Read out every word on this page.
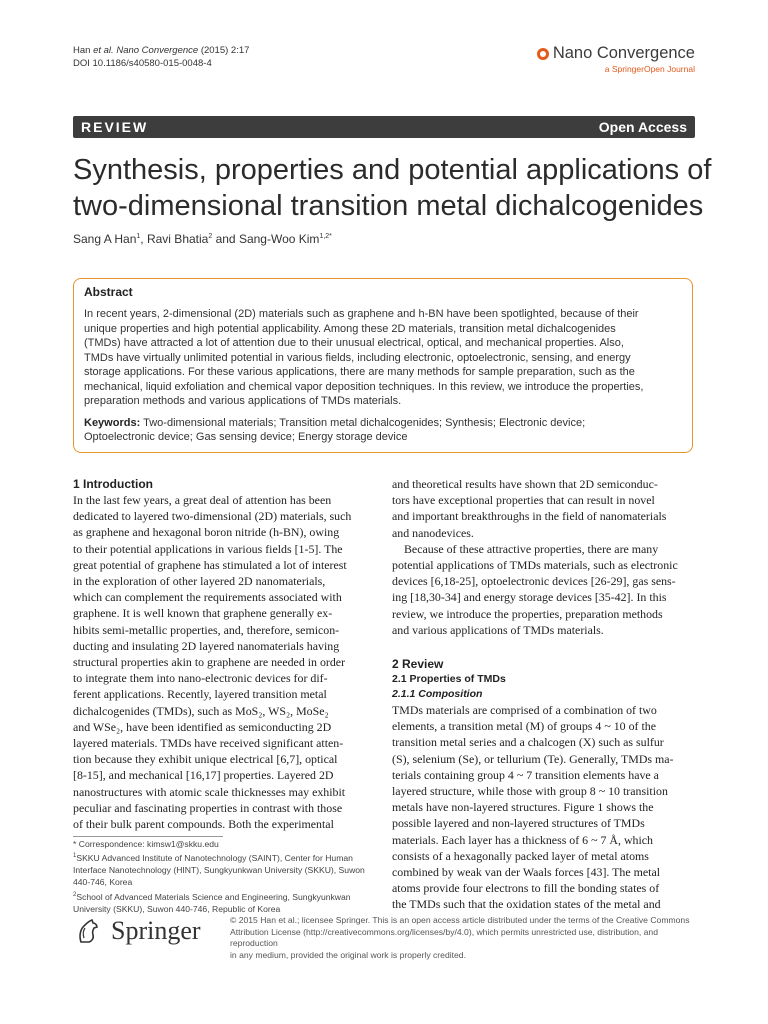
Han et al. Nano Convergence (2015) 2:17
DOI 10.1186/s40580-015-0048-4
Nano Convergence
a SpringerOpen Journal
REVIEW	Open Access
Synthesis, properties and potential applications of
two-dimensional transition metal dichalcogenides
Sang A Han$^1$, Ravi Bhatia$^2$ and Sang-Woo Kim$^{1,2*}$
Abstract
In recent years, 2-dimensional (2D) materials such as graphene and h-BN have been spotlighted, because of their
unique properties and high potential applicability. Among these 2D materials, transition metal dichalcogenides
(TMDs) have attracted a lot of attention due to their unusual electrical, optical, and mechanical properties. Also,
TMDs have virtually unlimited potential in various fields, including electronic, optoelectronic, sensing, and energy
storage applications. For these various applications, there are many methods for sample preparation, such as the
mechanical, liquid exfoliation and chemical vapor deposition techniques. In this review, we introduce the properties,
preparation methods and various applications of TMDs materials.
Keywords: Two-dimensional materials; Transition metal dichalcogenides; Synthesis; Electronic device;
Optoelectronic device; Gas sensing device; Energy storage device
1 Introduction
In the last few years, a great deal of attention has been
dedicated to layered two-dimensional (2D) materials, such
as graphene and hexagonal boron nitride (h-BN), owing
to their potential applications in various fields [1-5]. The
great potential of graphene has stimulated a lot of interest
in the exploration of other layered 2D nanomaterials,
which can complement the requirements associated with
graphene. It is well known that graphene generally ex-
hibits semi-metallic properties, and, therefore, semicon-
ducting and insulating 2D layered nanomaterials having
structural properties akin to graphene are needed in order
to integrate them into nano-electronic devices for dif-
ferent applications. Recently, layered transition metal
dichalcogenides (TMDs), such as MoS₂, WS₂, MoSe₂
and WSe₂, have been identified as semiconducting 2D
layered materials. TMDs have received significant atten-
tion because they exhibit unique electrical [6,7], optical
[8-15], and mechanical [16,17] properties. Layered 2D
nanostructures with atomic scale thicknesses may exhibit
peculiar and fascinating properties in contrast with those
of their bulk parent compounds. Both the experimental
and theoretical results have shown that 2D semiconduc-
tors have exceptional properties that can result in novel
and important breakthroughs in the field of nanomaterials
and nanodevices.
Because of these attractive properties, there are many
potential applications of TMDs materials, such as electronic
devices [6,18-25], optoelectronic devices [26-29], gas sens-
ing [18,30-34] and energy storage devices [35-42]. In this
review, we introduce the properties, preparation methods
and various applications of TMDs materials.
2 Review
2.1 Properties of TMDs
2.1.1 Composition
TMDs materials are comprised of a combination of two
elements, a transition metal (M) of groups 4 ~ 10 of the
transition metal series and a chalcogen (X) such as sulfur
(S), selenium (Se), or tellurium (Te). Generally, TMDs ma-
terials containing group 4 ~ 7 transition elements have a
layered structure, while those with group 8 ~ 10 transition
metals have non-layered structures. Figure 1 shows the
possible layered and non-layered structures of TMDs
materials. Each layer has a thickness of 6 ~ 7 Å, which
consists of a hexagonally packed layer of metal atoms
combined by weak van der Waals forces [43]. The metal
atoms provide four electrons to fill the bonding states of
the TMDs such that the oxidation states of the metal and
* Correspondence: kimsw1@skku.edu
$^1$SKKU Advanced Institute of Nanotechnology (SAINT), Center for Human
Interface Nanotechnology (HINT), Sungkyunkwan University (SKKU), Suwon
440-746, Korea
$^2$School of Advanced Materials Science and Engineering, Sungkyunkwan
University (SKKU), Suwon 440-746, Republic of Korea
Springer	© 2015 Han et al.; licensee Springer. This is an open access article distributed under the terms of the Creative Commons
Attribution License (http://creativecommons.org/licenses/by/4.0), which permits unrestricted use, distribution, and reproduction
in any medium, provided the original work is properly credited.
